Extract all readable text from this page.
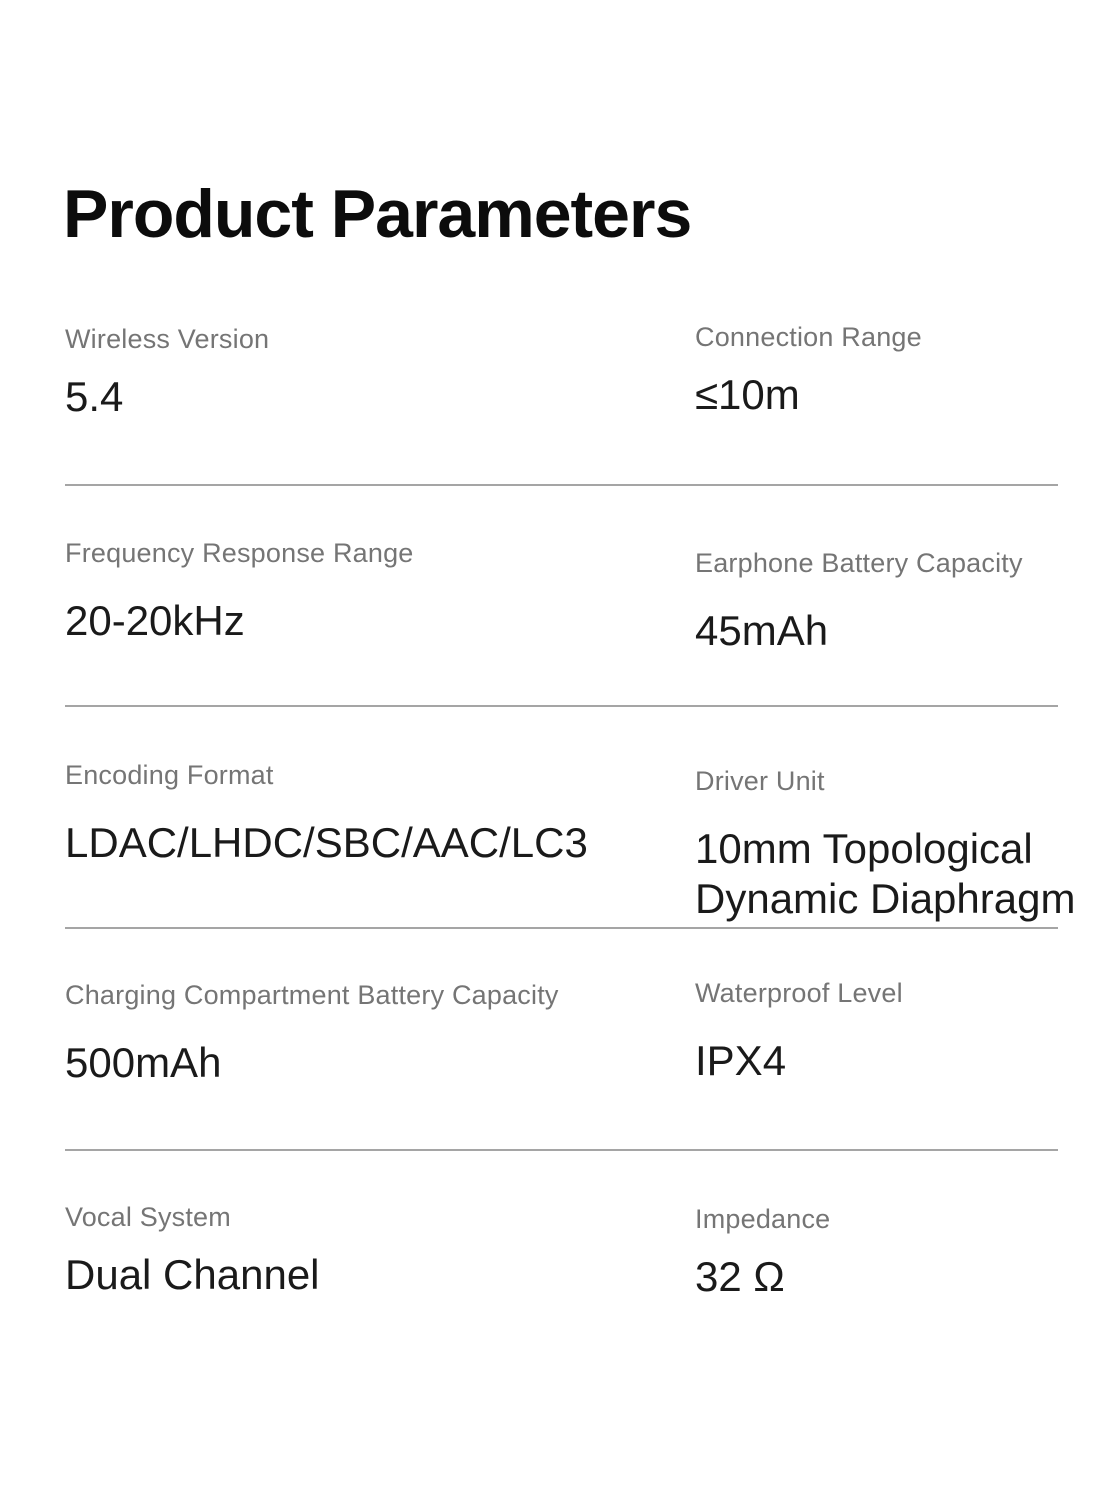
Product Parameters
Wireless Version
5.4
Connection Range
≤10m
Frequency Response Range
20-20kHz
Earphone Battery Capacity
45mAh
Encoding Format
LDAC/LHDC/SBC/AAC/LC3
Driver Unit
10mm Topological Dynamic Diaphragm
Charging Compartment Battery Capacity
500mAh
Waterproof Level
IPX4
Vocal System
Dual Channel
Impedance
32 Ω
